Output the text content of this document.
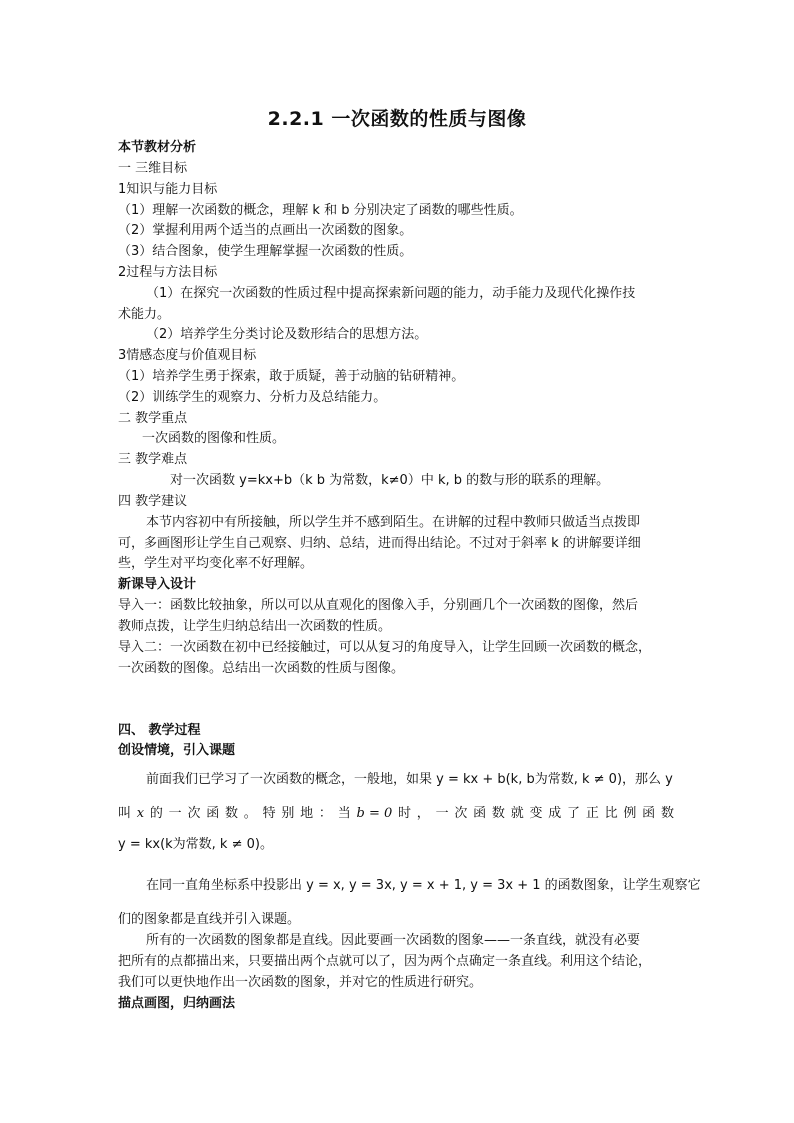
2.2.1 一次函数的性质与图像
本节教材分析
一 三维目标
1知识与能力目标
（1）理解一次函数的概念，理解 k 和 b 分别决定了函数的哪些性质。
（2）掌握利用两个适当的点画出一次函数的图象。
（3）结合图象，使学生理解掌握一次函数的性质。
2过程与方法目标
（1）在探究一次函数的性质过程中提高探索新问题的能力，动手能力及现代化操作技
术能力。
（2）培养学生分类讨论及数形结合的思想方法。
3情感态度与价值观目标
（1）培养学生勇于探索，敢于质疑，善于动脑的钻研精神。
（2）训练学生的观察力、分析力及总结能力。
二 教学重点
一次函数的图像和性质。
三 教学难点
对一次函数 y=kx+b（k b 为常数，k≠0）中 k, b 的数与形的联系的理解。
四 教学建议
本节内容初中有所接触，所以学生并不感到陌生。在讲解的过程中教师只做适当点拨即
可，多画图形让学生自己观察、归纳、总结，进而得出结论。不过对于斜率 k 的讲解要详细
些，学生对平均变化率不好理解。
新课导入设计
导入一：函数比较抽象，所以可以从直观化的图像入手，分别画几个一次函数的图像，然后
教师点拨，让学生归纳总结出一次函数的性质。
导入二：一次函数在初中已经接触过，可以从复习的角度导入，让学生回顾一次函数的概念，
一次函数的图像。总结出一次函数的性质与图像。
四、 教学过程
创设情境，引入课题
前面我们已学习了一次函数的概念，一般地，如果 y = kx + b(k, b为常数, k ≠ 0)，那么 y
叫 x 的 一 次 函 数 。 特 别 地 ： 当 b = 0 时 ， 一 次 函 数 就 变 成 了 正 比 例 函 数
y = kx(k为常数, k ≠ 0)。
在同一直角坐标系中投影出 y = x, y = 3x, y = x + 1, y = 3x + 1 的函数图象，让学生观察它
们的图象都是直线并引入课题。
所有的一次函数的图象都是直线。因此要画一次函数的图象——一条直线，就没有必要
把所有的点都描出来，只要描出两个点就可以了，因为两个点确定一条直线。利用这个结论，
我们可以更快地作出一次函数的图象，并对它的性质进行研究。
描点画图，归纳画法
